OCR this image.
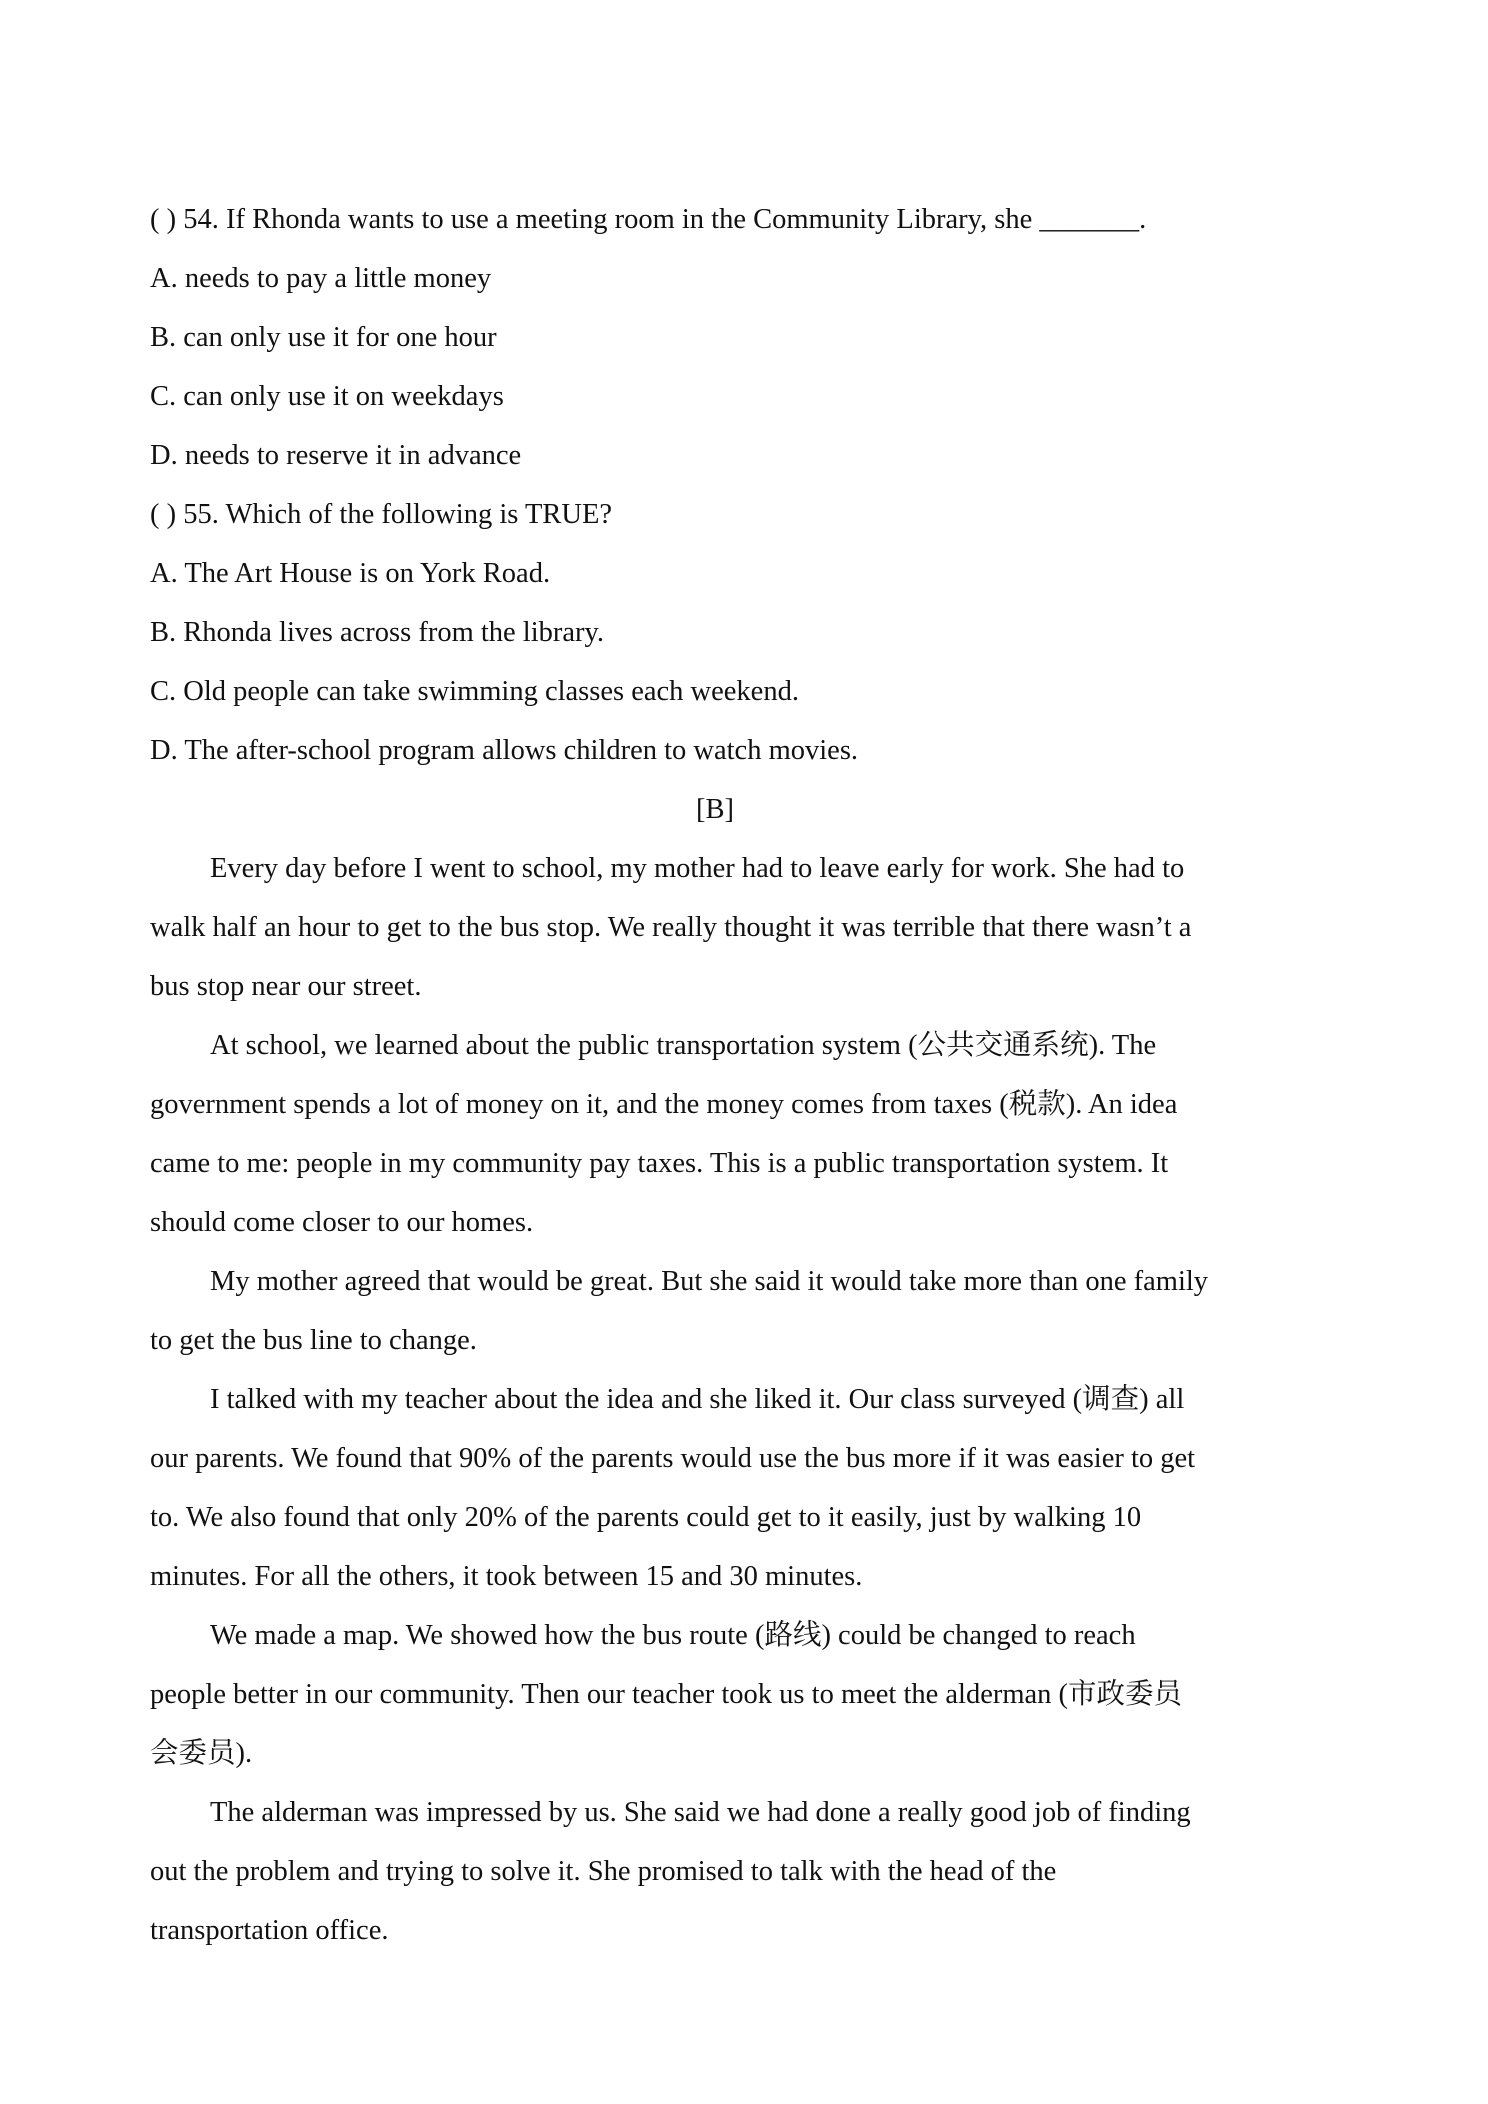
( ) 54. If Rhonda wants to use a meeting room in the Community Library, she _______.

A. needs to pay a little money

B. can only use it for one hour

C. can only use it on weekdays

D. needs to reserve it in advance

( ) 55. Which of the following is TRUE?

A. The Art House is on York Road.

B. Rhonda lives across from the library.

C. Old people can take swimming classes each weekend.

D. The after-school program allows children to watch movies.

[B]

Every day before I went to school, my mother had to leave early for work. She had to
walk half an hour to get to the bus stop. We really thought it was terrible that there wasn’t a
bus stop near our street.

At school, we learned about the public transportation system (公共交通系统). The
government spends a lot of money on it, and the money comes from taxes (税款). An idea
came to me: people in my community pay taxes. This is a public transportation system. It
should come closer to our homes.

My mother agreed that would be great. But she said it would take more than one family
to get the bus line to change.

I talked with my teacher about the idea and she liked it. Our class surveyed (调查) all
our parents. We found that 90% of the parents would use the bus more if it was easier to get
to. We also found that only 20% of the parents could get to it easily, just by walking 10
minutes. For all the others, it took between 15 and 30 minutes.

We made a map. We showed how the bus route (路线) could be changed to reach
people better in our community. Then our teacher took us to meet the alderman (市政委员
会委员).

The alderman was impressed by us. She said we had done a really good job of finding
out the problem and trying to solve it. She promised to talk with the head of the
transportation office.
